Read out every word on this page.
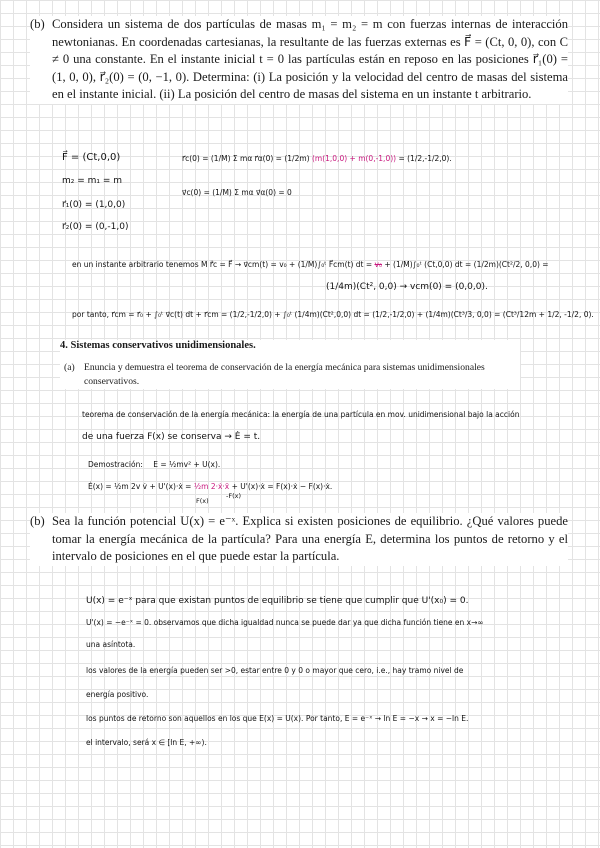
(b) Considera un sistema de dos partículas de masas m₁ = m₂ = m con fuerzas internas de interacción newtonianas. En coordenadas cartesianas, la resultante de las fuerzas externas es F⃗ = (Ct, 0, 0), con C ≠ 0 una constante. En el instante inicial t = 0 las partículas están en reposo en las posiciones r⃗₁(0) = (1, 0, 0), r⃗₂(0) = (0, −1, 0). Determina: (i) La posición y la velocidad del centro de masas del sistema en el instante inicial. (ii) La posición del centro de masas del sistema en un instante t arbitrario.
F⃗ = (Ct,0,0)
m₂ = m₁ = m
r⃗₁(0) = (1,0,0)
r⃗₂(0) = (0,-1,0)
r⃗c(0) = (1/M) Σ mα r⃗α(0) = (1/2m) (m(1,0,0) + m(0,-1,0)) = (1/2,-1/2,0).
v⃗c(0) = (1/M) Σ mα v⃗α(0) = 0
en un instante arbitrario tenemos M r̈⃗c = F⃗ → v⃗cm(t) = v₀ + (1/M)∫₀ᵗ F⃗cm(t) dt = v₀ + (1/M)∫₀ᵗ (Ct,0,0) dt = (1/2m)(Ct²/2, 0,0) =
(1/4m)(Ct², 0,0) → vcm(0) = (0,0,0).
por tanto, r⃗cm = r⃗₀ + ∫₀ᵗ v⃗c(t) dt + r⃗cm = (1/2,-1/2,0) + ∫₀ᵗ (1/4m)(Ct²,0,0) dt = (1/2,-1/2,0) + (1/4m)(Ct³/3, 0,0) = (Ct³/12m + 1/2, -1/2, 0).
4. Sistemas conservativos unidimensionales.
(a) Enuncia y demuestra el teorema de conservación de la energía mecánica para sistemas unidimensionales conservativos.
teorema de conservación de la energía mecánica: la energía de una partícula en mov. unidimensional bajo la acción
de una fuerza F(x) se conserva → Ė = t.
Demostración: E = ½mv² + U(x).
Ė(x) = ½m 2v v̇ + U'(x)·ẋ = ½m 2·ẋ·ẍ + U'(x)·ẋ = F(x)·ẋ − F(x)·ẋ.
F(x)
-F(x)
(b) Sea la función potencial U(x) = e⁻ˣ. Explica si existen posiciones de equilibrio. ¿Qué valores puede tomar la energía mecánica de la partícula? Para una energía E, determina los puntos de retorno y el intervalo de posiciones en el que puede estar la partícula.
U(x) = e⁻ˣ para que existan puntos de equilibrio se tiene que cumplir que U'(x₀) = 0.
U'(x) = −e⁻ˣ = 0. observamos que dicha igualdad nunca se puede dar ya que dicha función tiene en x→∞
una asíntota.
los valores de la energía pueden ser >0, estar entre 0 y 0 o mayor que cero, i.e., hay tramo nivel de
energía positivo.
los puntos de retorno son aquellos en los que E(x) = U(x). Por tanto, E = e⁻ˣ → ln E = −x → x = −ln E.
el intervalo, será x ∈ [ln E, +∞).
